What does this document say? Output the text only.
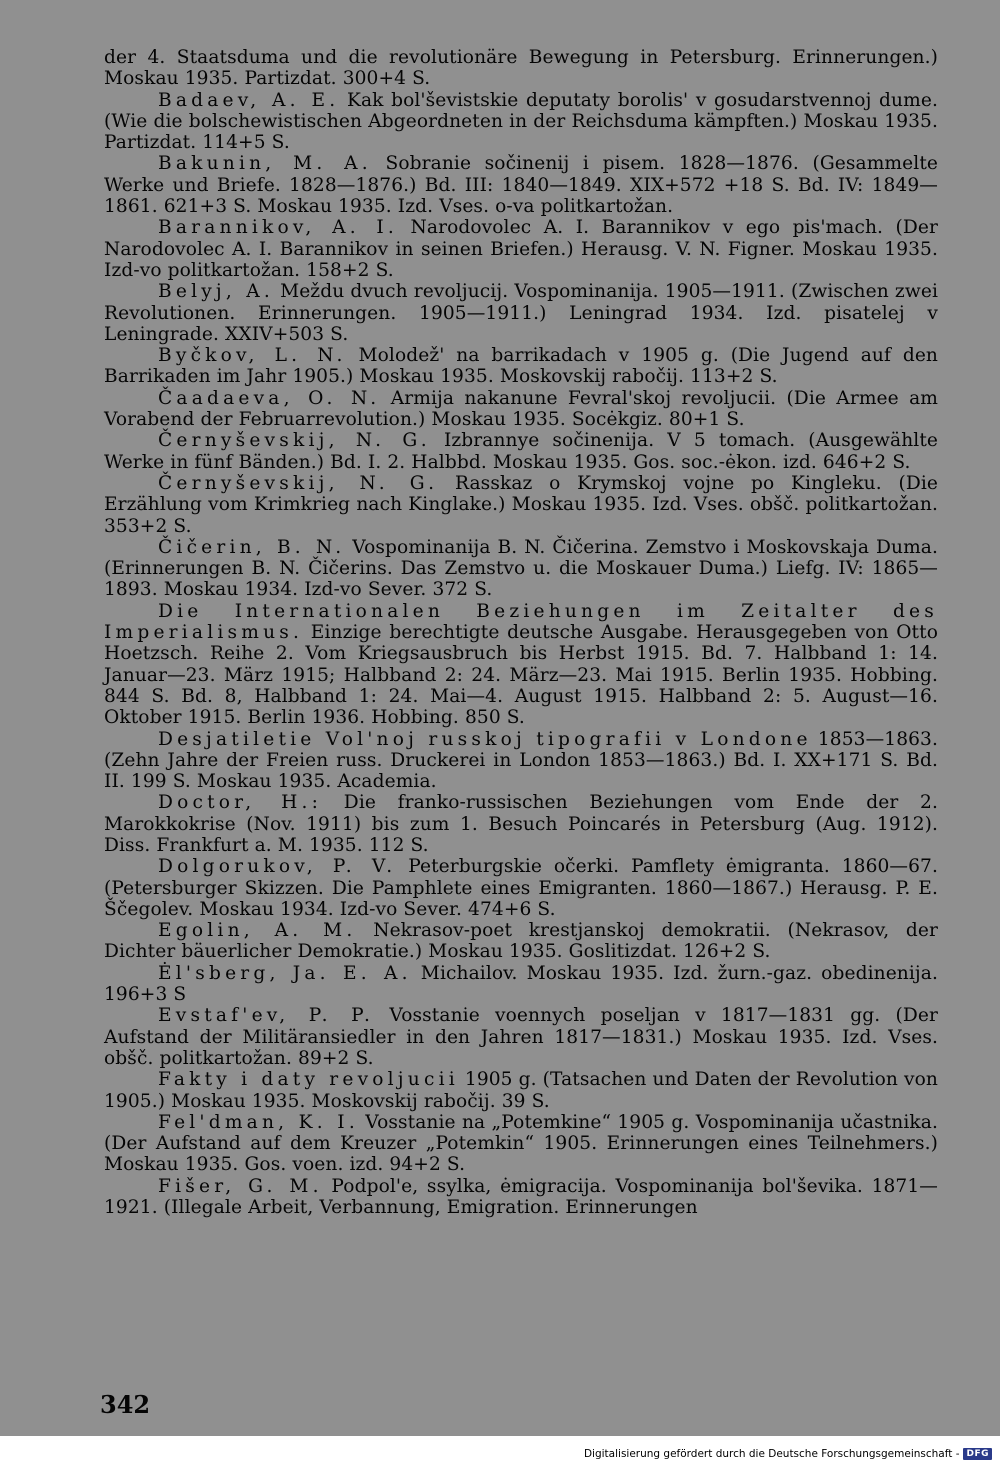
der 4. Staatsduma und die revolutionäre Bewegung in Petersburg. Erinnerungen.) Moskau 1935. Partizdat. 300+4 S.

Badaev, A. E. Kak bol'ševistskie deputaty borolis' v gosudarstvennoj dume. (Wie die bolschewistischen Abgeordneten in der Reichsduma kämpften.) Moskau 1935. Partizdat. 114+5 S.

Bakunin, M. A. Sobranie sočinenij i pisem. 1828—1876. (Gesammelte Werke und Briefe. 1828—1876.) Bd. III: 1840—1849. XIX+572 +18 S. Bd. IV: 1849—1861. 621+3 S. Moskau 1935. Izd. Vses. o-va politkartožan.

Barannikov, A. I. Narodovolec A. I. Barannikov v ego pis'mach. (Der Narodovolec A. I. Barannikov in seinen Briefen.) Herausg. V. N. Figner. Moskau 1935. Izd-vo politkartožan. 158+2 S.

Belyj, A. Meždu dvuch revoljucij. Vospominanija. 1905—1911. (Zwischen zwei Revolutionen. Erinnerungen. 1905—1911.) Leningrad 1934. Izd. pisatelej v Leningrade. XXIV+503 S.

Byčkov, L. N. Molodež' na barrikadach v 1905 g. (Die Jugend auf den Barrikaden im Jahr 1905.) Moskau 1935. Moskovskij rabočij. 113+2 S.

Čaadaeva, O. N. Armija nakanune Fevral'skoj revoljucii. (Die Armee am Vorabend der Februarrevolution.) Moskau 1935. Socėkgiz. 80+1 S.

Černyševskij, N. G. Izbrannye sočinenija. V 5 tomach. (Ausgewählte Werke in fünf Bänden.) Bd. I. 2. Halbbd. Moskau 1935. Gos. soc.-ėkon. izd. 646+2 S.

Černyševskij, N. G. Rasskaz o Krymskoj vojne po Kingleku. (Die Erzählung vom Krimkrieg nach Kinglake.) Moskau 1935. Izd. Vses. obšč. politkartožan. 353+2 S.

Čičerin, B. N. Vospominanija B. N. Čičerina. Zemstvo i Moskovskaja Duma. (Erinnerungen B. N. Čičerins. Das Zemstvo u. die Moskauer Duma.) Liefg. IV: 1865—1893. Moskau 1934. Izd-vo Sever. 372 S.

Die Internationalen Beziehungen im Zeitalter des Imperialismus. Einzige berechtigte deutsche Ausgabe. Herausgegeben von Otto Hoetzsch. Reihe 2. Vom Kriegsausbruch bis Herbst 1915. Bd. 7. Halbband 1: 14. Januar—23. März 1915; Halbband 2: 24. März—23. Mai 1915. Berlin 1935. Hobbing. 844 S. Bd. 8, Halbband 1: 24. Mai—4. August 1915. Halbband 2: 5. August—16. Oktober 1915. Berlin 1936. Hobbing. 850 S.

Desjatiletie Vol'noj russkoj tipografii v Londone 1853—1863. (Zehn Jahre der Freien russ. Druckerei in London 1853—1863.) Bd. I. XX+171 S. Bd. II. 199 S. Moskau 1935. Academia.

Doctor, H.: Die franko-russischen Beziehungen vom Ende der 2. Marokkokrise (Nov. 1911) bis zum 1. Besuch Poincarés in Petersburg (Aug. 1912). Diss. Frankfurt a. M. 1935. 112 S.

Dolgorukov, P. V. Peterburgskie očerki. Pamflety ėmigranta. 1860—67. (Petersburger Skizzen. Die Pamphlete eines Emigranten. 1860—1867.) Herausg. P. E. Ščegolev. Moskau 1934. Izd-vo Sever. 474+6 S.

Egolin, A. M. Nekrasov-poet krestjanskoj demokratii. (Nekrasov, der Dichter bäuerlicher Demokratie.) Moskau 1935. Goslitizdat. 126+2 S.

Ėl'sberg, Ja. E. A. Michailov. Moskau 1935. Izd. žurn.-gaz. obedinenija. 196+3 S

Evstaf'ev, P. P. Vosstanie voennych poseljan v 1817—1831 gg. (Der Aufstand der Militäransiedler in den Jahren 1817—1831.) Moskau 1935. Izd. Vses. obšč. politkartožan. 89+2 S.

Fakty i daty revoljucii 1905 g. (Tatsachen und Daten der Revolution von 1905.) Moskau 1935. Moskovskij rabočij. 39 S.

Fel'dman, K. I. Vosstanie na „Potemkine“ 1905 g. Vospominanija učastnika. (Der Aufstand auf dem Kreuzer „Potemkin“ 1905. Erinnerungen eines Teilnehmers.) Moskau 1935. Gos. voen. izd. 94+2 S.

Fišer, G. M. Podpol'e, ssylka, ėmigracija. Vospominanija bol'ševika. 1871—1921. (Illegale Arbeit, Verbannung, Emigration. Erinnerungen

342
Digitalisierung gefördert durch die Deutsche Forschungsgemeinschaft - DFG
